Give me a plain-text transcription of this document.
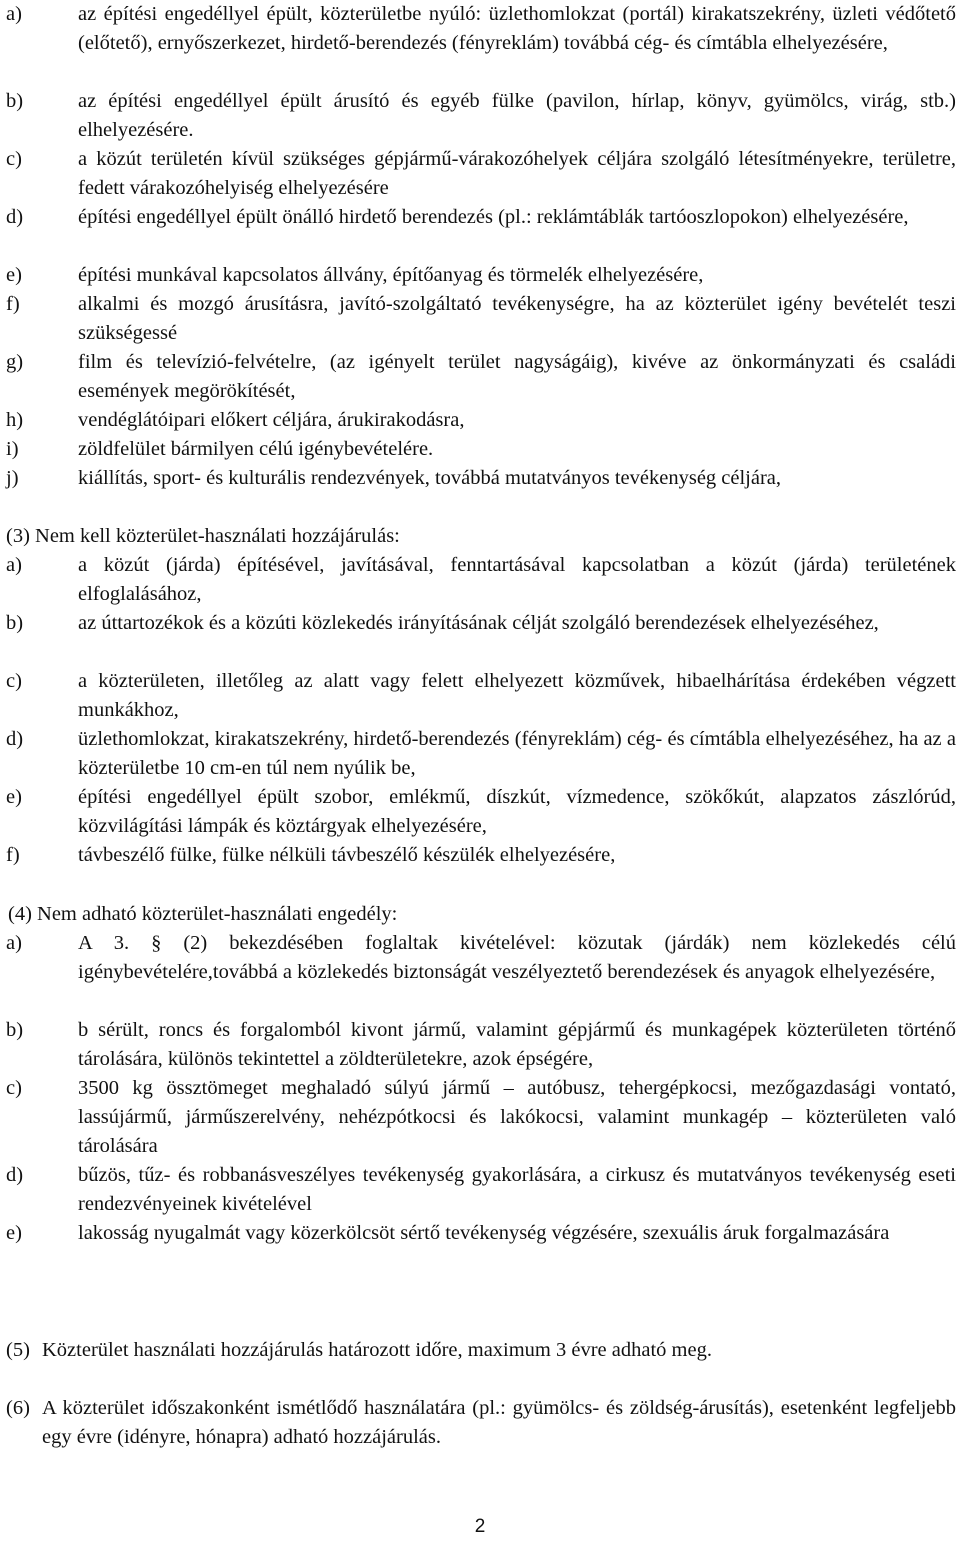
a)	az építési engedéllyel épült, közterületbe nyúló: üzlethomlokzat (portál) kirakatszekrény, üzleti védőtető (előtető), ernyőszerkezet, hirdető-berendezés (fényreklám) továbbá cég- és címtábla elhelyezésére,
b)	az építési engedéllyel épült árusító és egyéb fülke (pavilon, hírlap, könyv, gyümölcs, virág, stb.) elhelyezésére.
c)	a közút területén kívül szükséges gépjármű-várakozóhelyek céljára szolgáló létesítményekre, területre, fedett várakozóhelyiség elhelyezésére
d)	építési engedéllyel épült önálló hirdető berendezés (pl.: reklámtáblák tartóoszlopokon) elhelyezésére,
e)	építési munkával kapcsolatos állvány, építőanyag és törmelék elhelyezésére,
f)	alkalmi és mozgó árusításra, javító-szolgáltató tevékenységre, ha az közterület igény bevételét teszi szükségessé
g)	film és televízió-felvételre, (az igényelt terület nagyságáig), kivéve az önkormányzati és családi események megörökítését,
h)	vendéglátóipari előkert céljára, árukirakodásra,
i)	zöldfelület bármilyen célú igénybevételére.
j)	kiállítás, sport- és kulturális rendezvények, továbbá mutatványos tevékenység céljára,
(3) Nem kell közterület-használati hozzájárulás:
a)	a közút (járda) építésével, javításával, fenntartásával kapcsolatban a közút (járda) területének elfoglalásához,
b)	az úttartozékok és a közúti közlekedés irányításának célját szolgáló berendezések elhelyezéséhez,
c)	a közterületen, illetőleg az alatt vagy felett elhelyezett közművek, hibaelhárítása érdekében végzett munkákhoz,
d)	üzlethomlokzat, kirakatszekrény, hirdető-berendezés (fényreklám) cég- és címtábla elhelyezéséhez, ha az a közterületbe 10 cm-en túl nem nyúlik be,
e)	építési engedéllyel épült szobor, emlékmű, díszkút, vízmedence, szökőkút, alapzatos zászlórúd, közvilágítási lámpák és köztárgyak elhelyezésére,
f)	távbeszélő fülke, fülke nélküli távbeszélő készülék elhelyezésére,
(4) Nem adható közterület-használati engedély:
a)	A 3. § (2) bekezdésében foglaltak kivételével: közutak (járdák) nem közlekedés célú igénybevételére,továbbá a közlekedés biztonságát veszélyeztető berendezések és anyagok elhelyezésére,
b)	b sérült, roncs és forgalomból kivont jármű, valamint gépjármű és munkagépek közterületen történő tárolására, különös tekintettel a zöldterületekre, azok épségére,
c)	3500 kg össztömeget meghaladó súlyú jármű – autóbusz, tehergépkocsi, mezőgazdasági vontató, lassújármű, járműszerelvény, nehézpótkocsi és lakókocsi, valamint munkagép – közterületen való tárolására
d)	bűzös, tűz- és robbanásveszélyes tevékenység gyakorlására, a cirkusz és mutatványos tevékenység eseti rendezvényeinek kivételével
e)	lakosság nyugalmát vagy közerkölcsöt sértő tevékenység végzésére, szexuális áruk forgalmazására
(5) Közterület használati hozzájárulás határozott időre, maximum 3 évre adható meg.
(6) A közterület időszakonként ismétlődő használatára (pl.: gyümölcs- és zöldség-árusítás), esetenként legfeljebb egy évre (idényre, hónapra) adható hozzájárulás.
2
